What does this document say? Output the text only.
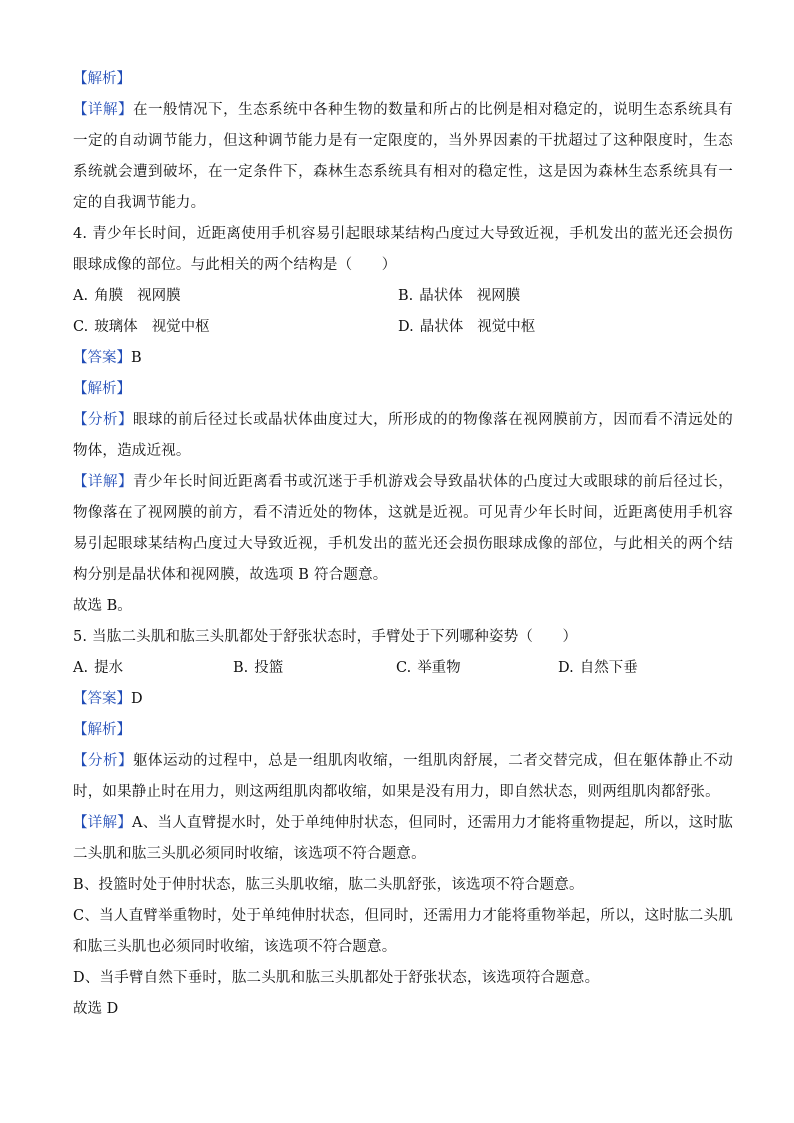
【解析】
【详解】在一般情况下，生态系统中各种生物的数量和所占的比例是相对稳定的，说明生态系统具有一定的自动调节能力，但这种调节能力是有一定限度的，当外界因素的干扰超过了这种限度时，生态系统就会遭到破坏，在一定条件下，森林生态系统具有相对的稳定性，这是因为森林生态系统具有一定的自我调节能力。
4. 青少年长时间，近距离使用手机容易引起眼球某结构凸度过大导致近视，手机发出的蓝光还会损伤眼球成像的部位。与此相关的两个结构是（　　）
A. 角膜 视网膜	B. 晶状体 视网膜
C. 玻璃体 视觉中枢	D. 晶状体 视觉中枢
【答案】B
【解析】
【分析】眼球的前后径过长或晶状体曲度过大，所形成的的物像落在视网膜前方，因而看不清远处的物体，造成近视。
【详解】青少年长时间近距离看书或沉迷于手机游戏会导致晶状体的凸度过大或眼球的前后径过长，物像落在了视网膜的前方，看不清近处的物体，这就是近视。可见青少年长时间，近距离使用手机容易引起眼球某结构凸度过大导致近视，手机发出的蓝光还会损伤眼球成像的部位，与此相关的两个结构分别是晶状体和视网膜，故选项 B 符合题意。
故选 B。
5. 当肱二头肌和肱三头肌都处于舒张状态时，手臂处于下列哪种姿势（　　）
A. 提水	B. 投篮	C. 举重物	D. 自然下垂
【答案】D
【解析】
【分析】躯体运动的过程中，总是一组肌肉收缩，一组肌肉舒展，二者交替完成，但在躯体静止不动时，如果静止时在用力，则这两组肌肉都收缩，如果是没有用力，即自然状态，则两组肌肉都舒张。
【详解】A、当人直臂提水时，处于单纯伸肘状态，但同时，还需用力才能将重物提起，所以，这时肱二头肌和肱三头肌必须同时收缩，该选项不符合题意。
B、投篮时处于伸肘状态，肱三头肌收缩，肱二头肌舒张，该选项不符合题意。
C、当人直臂举重物时，处于单纯伸肘状态，但同时，还需用力才能将重物举起，所以，这时肱二头肌和肱三头肌也必须同时收缩，该选项不符合题意。
D、当手臂自然下垂时，肱二头肌和肱三头肌都处于舒张状态，该选项符合题意。
故选 D
